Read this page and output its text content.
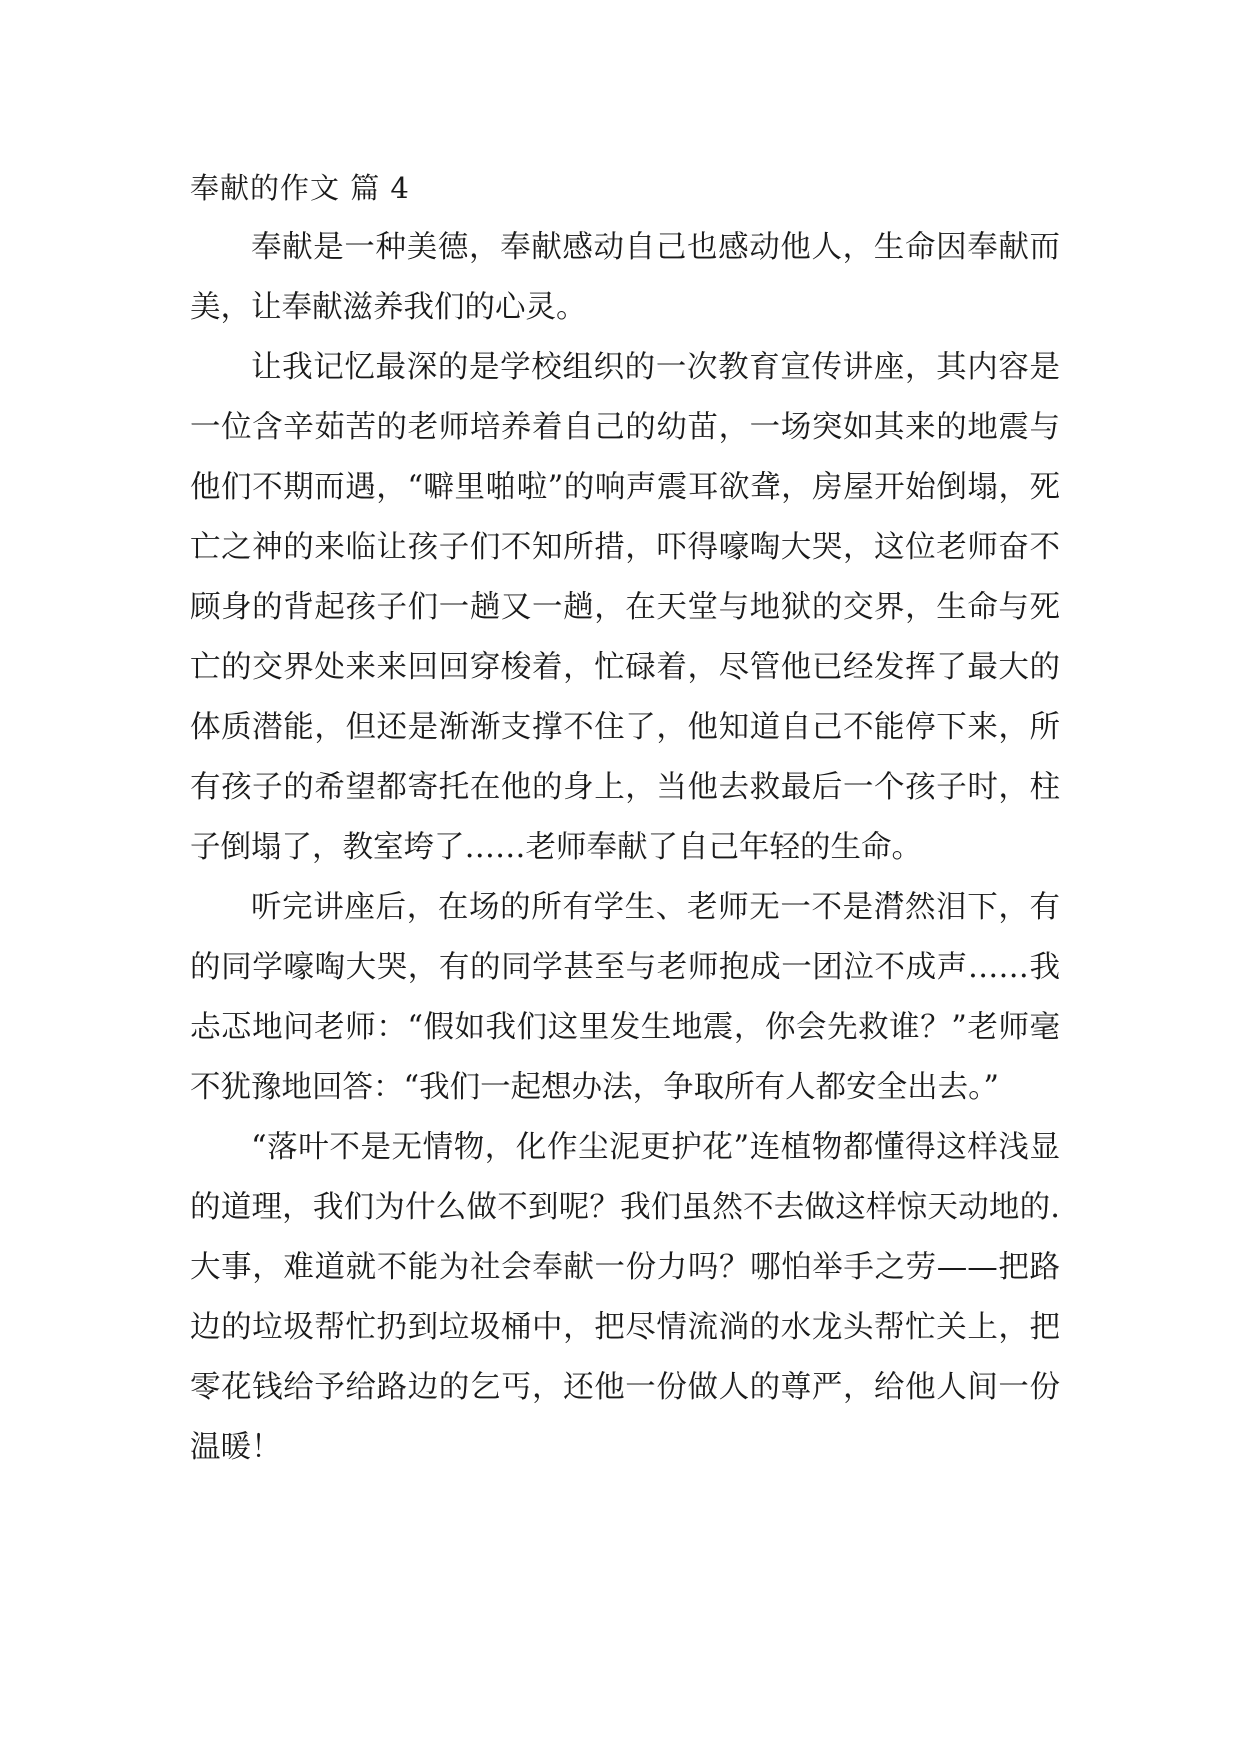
奉献的作文 篇 4

奉献是一种美德，奉献感动自己也感动他人，生命因奉献而美，让奉献滋养我们的心灵。

让我记忆最深的是学校组织的一次教育宣传讲座，其内容是一位含辛茹苦的老师培养着自己的幼苗，一场突如其来的地震与他们不期而遇，“噼里啪啦”的响声震耳欲聋，房屋开始倒塌，死亡之神的来临让孩子们不知所措，吓得嚎啕大哭，这位老师奋不顾身的背起孩子们一趟又一趟，在天堂与地狱的交界，生命与死亡的交界处来来回回穿梭着，忙碌着，尽管他已经发挥了最大的体质潜能，但还是渐渐支撑不住了，他知道自己不能停下来，所有孩子的希望都寄托在他的身上，当他去救最后一个孩子时，柱子倒塌了，教室垮了……老师奉献了自己年轻的生命。

听完讲座后，在场的所有学生、老师无一不是潸然泪下，有的同学嚎啕大哭，有的同学甚至与老师抱成一团泣不成声……我忐忑地问老师：“假如我们这里发生地震，你会先救谁？”老师毫不犹豫地回答：“我们一起想办法，争取所有人都安全出去。”

“落叶不是无情物，化作尘泥更护花”连植物都懂得这样浅显的道理，我们为什么做不到呢？我们虽然不去做这样惊天动地的.大事，难道就不能为社会奉献一份力吗？哪怕举手之劳——把路边的垃圾帮忙扔到垃圾桶中，把尽情流淌的水龙头帮忙关上，把零花钱给予给路边的乞丐，还他一份做人的尊严，给他人间一份温暖！
